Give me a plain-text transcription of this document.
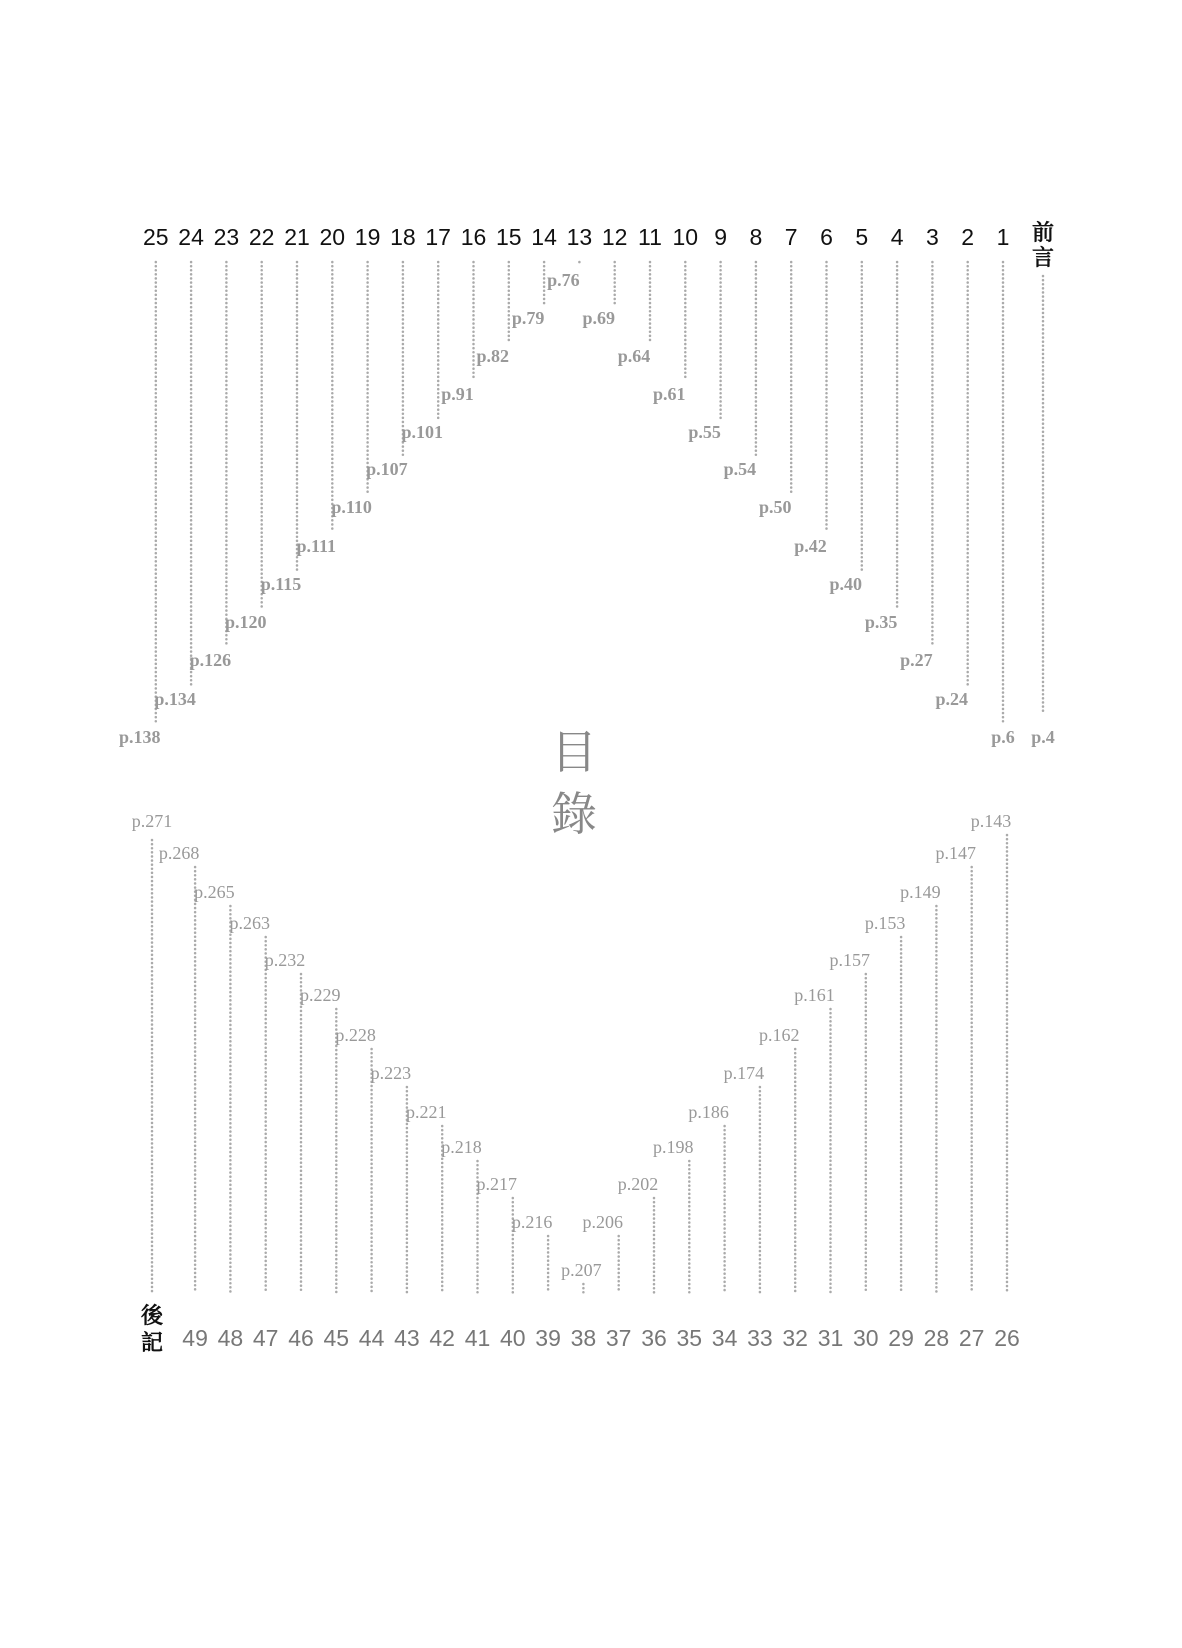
1
p.6
2
p.24
3
p.27
4
p.35
5
p.40
6
p.42
7
p.50
8
p.54
9
p.55
10
p.61
11
p.64
12
p.69
13
p.76
14
p.79
15
p.82
16
p.91
17
p.101
18
p.107
19
p.110
20
p.111
21
p.115
22
p.120
23
p.126
24
p.134
25
p.138
26
p.143
27
p.147
28
p.149
29
p.153
30
p.157
31
p.161
32
p.162
33
p.174
34
p.186
35
p.198
36
p.202
37
p.206
38
p.207
39
p.216
40
p.217
41
p.218
42
p.221
43
p.223
44
p.228
45
p.229
46
p.232
47
p.263
48
p.265
49
p.268
前
言
p.4
p.271
後
記
目
錄
